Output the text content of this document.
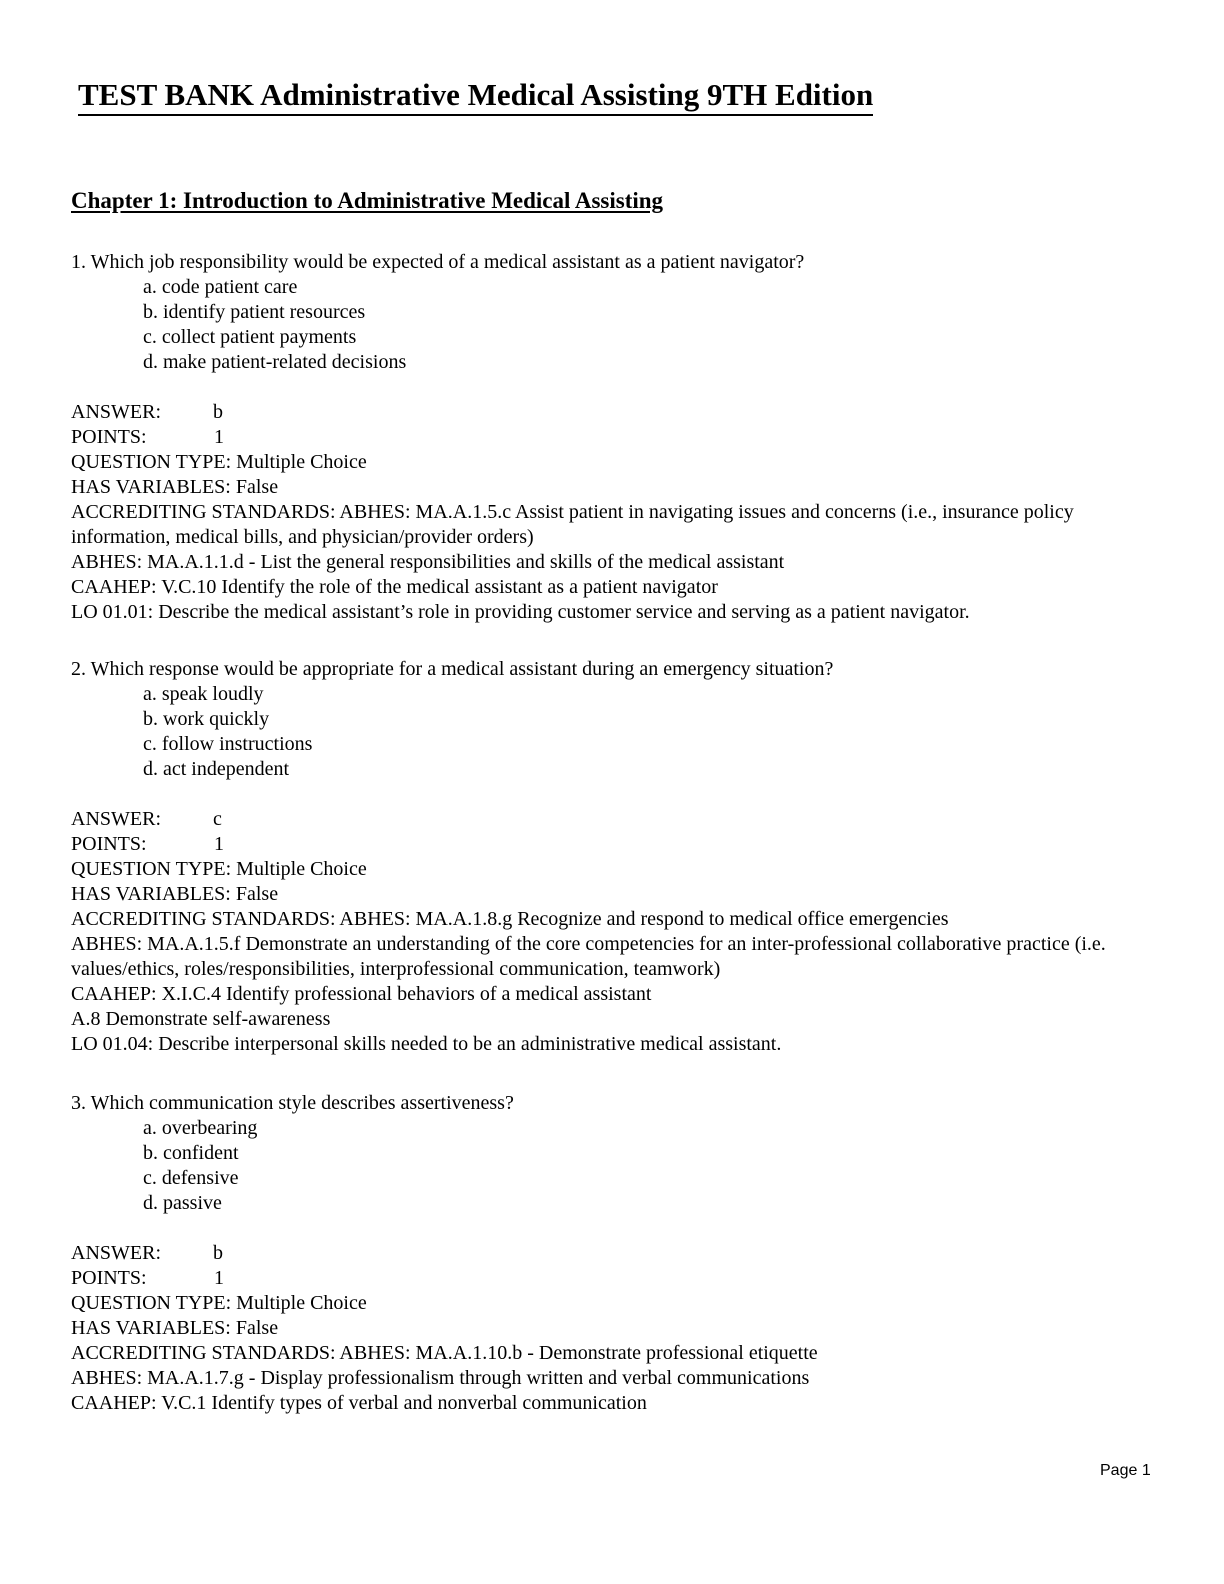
TEST BANK Administrative Medical Assisting 9TH Edition
Chapter 1: Introduction to Administrative Medical Assisting
1. Which job responsibility would be expected of a medical assistant as a patient navigator?
a. code patient care
b. identify patient resources
c. collect patient payments
d. make patient-related decisions
ANSWER:	b
POINTS:	1
QUESTION TYPE: Multiple Choice
HAS VARIABLES: False
ACCREDITING STANDARDS: ABHES: MA.A.1.5.c Assist patient in navigating issues and concerns (i.e., insurance policy information, medical bills, and physician/provider orders)
ABHES: MA.A.1.1.d - List the general responsibilities and skills of the medical assistant
CAAHEP: V.C.10 Identify the role of the medical assistant as a patient navigator
LO 01.01: Describe the medical assistant’s role in providing customer service and serving as a patient navigator.
2. Which response would be appropriate for a medical assistant during an emergency situation?
a. speak loudly
b. work quickly
c. follow instructions
d. act independent
ANSWER:	c
POINTS:	1
QUESTION TYPE: Multiple Choice
HAS VARIABLES: False
ACCREDITING STANDARDS: ABHES: MA.A.1.8.g Recognize and respond to medical office emergencies
ABHES: MA.A.1.5.f Demonstrate an understanding of the core competencies for an inter-professional collaborative practice (i.e. values/ethics, roles/responsibilities, interprofessional communication, teamwork)
CAAHEP: X.I.C.4 Identify professional behaviors of a medical assistant
A.8 Demonstrate self-awareness
LO 01.04: Describe interpersonal skills needed to be an administrative medical assistant.
3. Which communication style describes assertiveness?
a. overbearing
b. confident
c. defensive
d. passive
ANSWER:	b
POINTS:	1
QUESTION TYPE: Multiple Choice
HAS VARIABLES: False
ACCREDITING STANDARDS: ABHES: MA.A.1.10.b - Demonstrate professional etiquette
ABHES: MA.A.1.7.g - Display professionalism through written and verbal communications
CAAHEP: V.C.1 Identify types of verbal and nonverbal communication
Page 1
